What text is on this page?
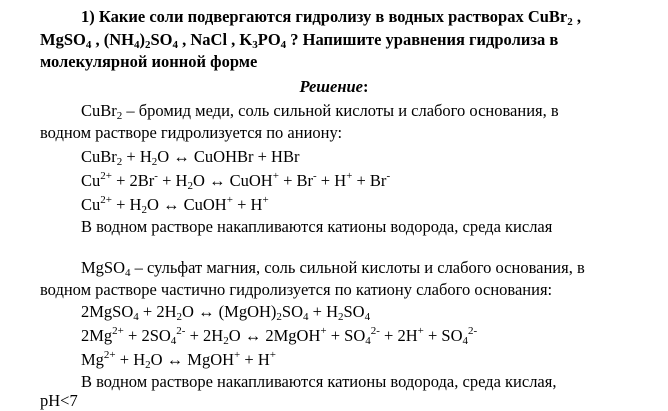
1) Какие соли подвергаются гидролизу в водных растворах CuBr$_2$ ,
MgSO$_4$ , $(NH_4)_2SO_4$ , NaCl , $K_3PO_4$ ? Напишите уравнения гидролиза в
молекулярной ионной форме
Решение:
CuBr$_2$ – бромид меди, соль сильной кислоты и слабого основания, в
водном растворе гидролизуется по аниону:
CuBr$_2$ + $H_2O$ ↔ CuOHBr + HBr
$Cu^{2+} + 2Br^- + H_2O$ ↔ CuOH+ + Br- + H+ + Br-
$Cu^{2+} + H_2O$ ↔ CuOH+ + H+
В водном растворе накапливаются катионы водорода, среда кислая
MgSO$_4$ – сульфат магния, соль сильной кислоты и слабого основания, в
водном растворе частично гидролизуется по катиону слабого основания:
2MgSO$_4$ + $2H_2O$ ↔ $(MgOH)_2SO_4 + H_2SO_4$
$2Mg^{2+} + 2SO_4^{2-} + 2H_2O$ ↔ 2MgOH+ + $SO_4^{2-} + 2H^+ + SO_4^{2-}$
$Mg^{2+} + H_2O$ ↔ MgOH+ + H+
В водном растворе накапливаются катионы водорода, среда кислая,
pH<7
